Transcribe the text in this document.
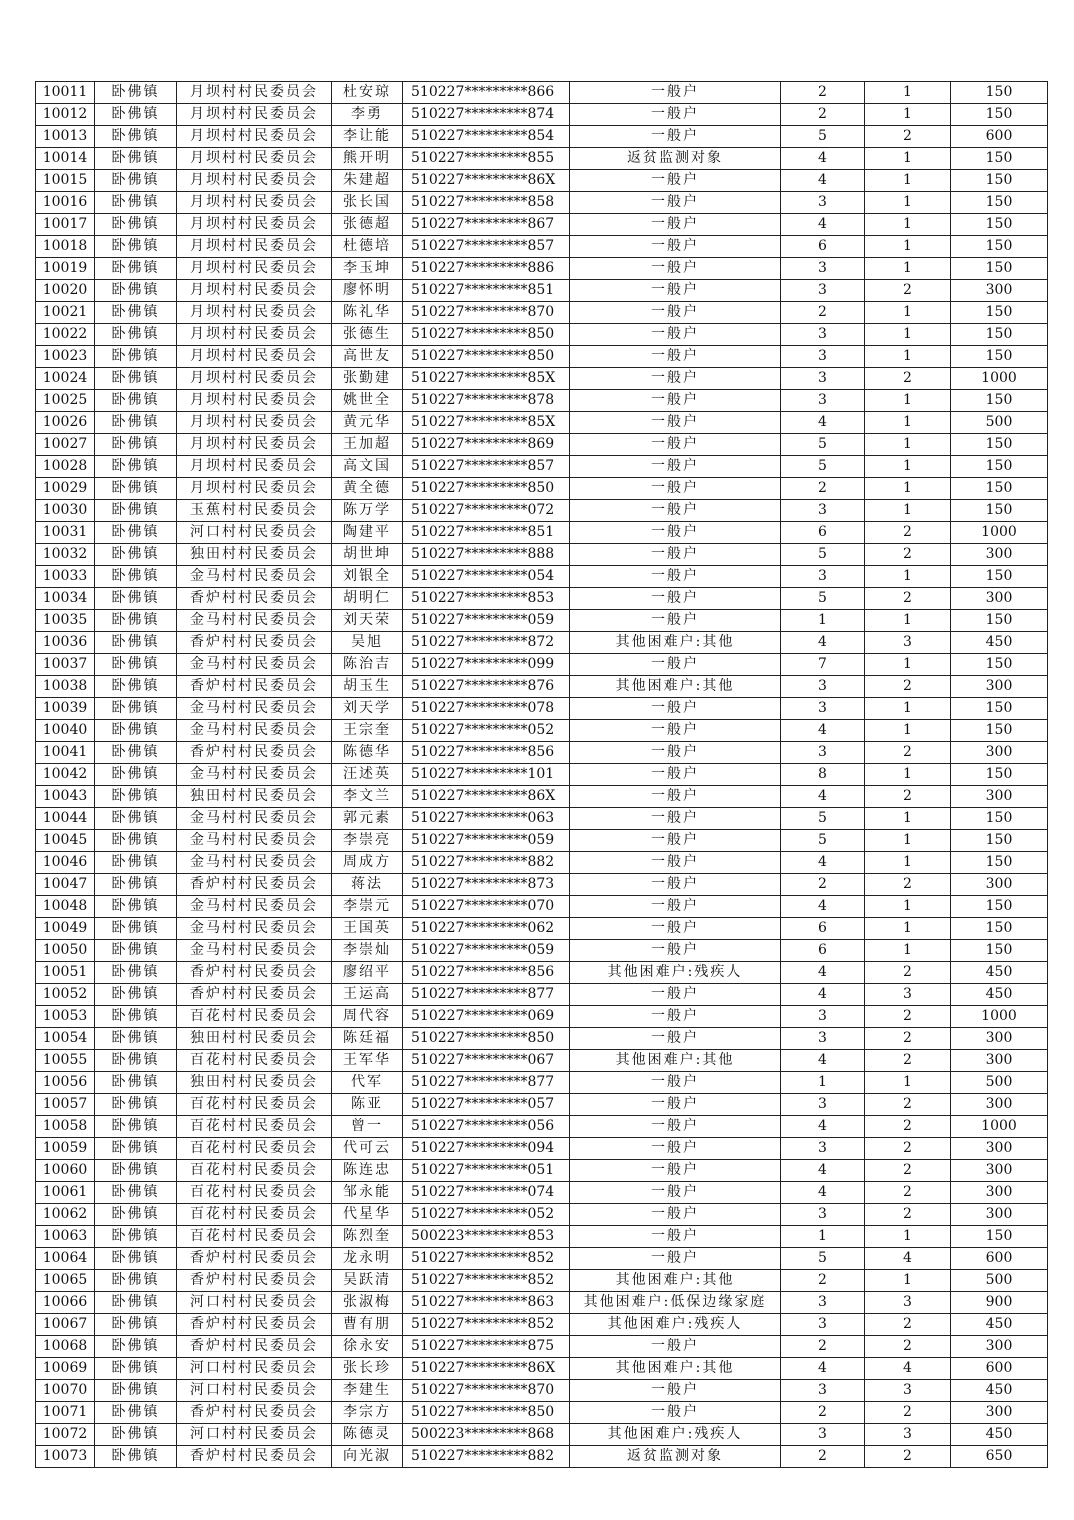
10011	卧佛镇	月坝村村民委员会	杜安琼	510227*********866	一般户	2	1	150
10012	卧佛镇	月坝村村民委员会	李勇	510227*********874	一般户	2	1	150
10013	卧佛镇	月坝村村民委员会	李让能	510227*********854	一般户	5	2	600
10014	卧佛镇	月坝村村民委员会	熊开明	510227*********855	返贫监测对象	4	1	150
10015	卧佛镇	月坝村村民委员会	朱建超	510227*********86X	一般户	4	1	150
10016	卧佛镇	月坝村村民委员会	张长国	510227*********858	一般户	3	1	150
10017	卧佛镇	月坝村村民委员会	张德超	510227*********867	一般户	4	1	150
10018	卧佛镇	月坝村村民委员会	杜德培	510227*********857	一般户	6	1	150
10019	卧佛镇	月坝村村民委员会	李玉坤	510227*********886	一般户	3	1	150
10020	卧佛镇	月坝村村民委员会	廖怀明	510227*********851	一般户	3	2	300
10021	卧佛镇	月坝村村民委员会	陈礼华	510227*********870	一般户	2	1	150
10022	卧佛镇	月坝村村民委员会	张德生	510227*********850	一般户	3	1	150
10023	卧佛镇	月坝村村民委员会	高世友	510227*********850	一般户	3	1	150
10024	卧佛镇	月坝村村民委员会	张勤建	510227*********85X	一般户	3	2	1000
10025	卧佛镇	月坝村村民委员会	姚世全	510227*********878	一般户	3	1	150
10026	卧佛镇	月坝村村民委员会	黄元华	510227*********85X	一般户	4	1	500
10027	卧佛镇	月坝村村民委员会	王加超	510227*********869	一般户	5	1	150
10028	卧佛镇	月坝村村民委员会	高文国	510227*********857	一般户	5	1	150
10029	卧佛镇	月坝村村民委员会	黄全德	510227*********850	一般户	2	1	150
10030	卧佛镇	玉蕉村村民委员会	陈万学	510227*********072	一般户	3	1	150
10031	卧佛镇	河口村村民委员会	陶建平	510227*********851	一般户	6	2	1000
10032	卧佛镇	独田村村民委员会	胡世坤	510227*********888	一般户	5	2	300
10033	卧佛镇	金马村村民委员会	刘银全	510227*********054	一般户	3	1	150
10034	卧佛镇	香炉村村民委员会	胡明仁	510227*********853	一般户	5	2	300
10035	卧佛镇	金马村村民委员会	刘天荣	510227*********059	一般户	1	1	150
10036	卧佛镇	香炉村村民委员会	吴旭	510227*********872	其他困难户:其他	4	3	450
10037	卧佛镇	金马村村民委员会	陈治吉	510227*********099	一般户	7	1	150
10038	卧佛镇	香炉村村民委员会	胡玉生	510227*********876	其他困难户:其他	3	2	300
10039	卧佛镇	金马村村民委员会	刘天学	510227*********078	一般户	3	1	150
10040	卧佛镇	金马村村民委员会	王宗奎	510227*********052	一般户	4	1	150
10041	卧佛镇	香炉村村民委员会	陈德华	510227*********856	一般户	3	2	300
10042	卧佛镇	金马村村民委员会	汪述英	510227*********101	一般户	8	1	150
10043	卧佛镇	独田村村民委员会	李文兰	510227*********86X	一般户	4	2	300
10044	卧佛镇	金马村村民委员会	郭元素	510227*********063	一般户	5	1	150
10045	卧佛镇	金马村村民委员会	李崇亮	510227*********059	一般户	5	1	150
10046	卧佛镇	金马村村民委员会	周成方	510227*********882	一般户	4	1	150
10047	卧佛镇	香炉村村民委员会	蒋法	510227*********873	一般户	2	2	300
10048	卧佛镇	金马村村民委员会	李崇元	510227*********070	一般户	4	1	150
10049	卧佛镇	金马村村民委员会	王国英	510227*********062	一般户	6	1	150
10050	卧佛镇	金马村村民委员会	李崇灿	510227*********059	一般户	6	1	150
10051	卧佛镇	香炉村村民委员会	廖绍平	510227*********856	其他困难户:残疾人	4	2	450
10052	卧佛镇	香炉村村民委员会	王运高	510227*********877	一般户	4	3	450
10053	卧佛镇	百花村村民委员会	周代容	510227*********069	一般户	3	2	1000
10054	卧佛镇	独田村村民委员会	陈廷福	510227*********850	一般户	3	2	300
10055	卧佛镇	百花村村民委员会	王军华	510227*********067	其他困难户:其他	4	2	300
10056	卧佛镇	独田村村民委员会	代军	510227*********877	一般户	1	1	500
10057	卧佛镇	百花村村民委员会	陈亚	510227*********057	一般户	3	2	300
10058	卧佛镇	百花村村民委员会	曾一	510227*********056	一般户	4	2	1000
10059	卧佛镇	百花村村民委员会	代可云	510227*********094	一般户	3	2	300
10060	卧佛镇	百花村村民委员会	陈连忠	510227*********051	一般户	4	2	300
10061	卧佛镇	百花村村民委员会	邹永能	510227*********074	一般户	4	2	300
10062	卧佛镇	百花村村民委员会	代星华	510227*********052	一般户	3	2	300
10063	卧佛镇	百花村村民委员会	陈烈奎	500223*********853	一般户	1	1	150
10064	卧佛镇	香炉村村民委员会	龙永明	510227*********852	一般户	5	4	600
10065	卧佛镇	香炉村村民委员会	吴跃清	510227*********852	其他困难户:其他	2	1	500
10066	卧佛镇	河口村村民委员会	张淑梅	510227*********863	其他困难户:低保边缘家庭	3	3	900
10067	卧佛镇	香炉村村民委员会	曹有朋	510227*********852	其他困难户:残疾人	3	2	450
10068	卧佛镇	香炉村村民委员会	徐永安	510227*********875	一般户	2	2	300
10069	卧佛镇	河口村村民委员会	张长珍	510227*********86X	其他困难户:其他	4	4	600
10070	卧佛镇	河口村村民委员会	李建生	510227*********870	一般户	3	3	450
10071	卧佛镇	香炉村村民委员会	李宗方	510227*********850	一般户	2	2	300
10072	卧佛镇	河口村村民委员会	陈德灵	500223*********868	其他困难户:残疾人	3	3	450
10073	卧佛镇	香炉村村民委员会	向光淑	510227*********882	返贫监测对象	2	2	650
